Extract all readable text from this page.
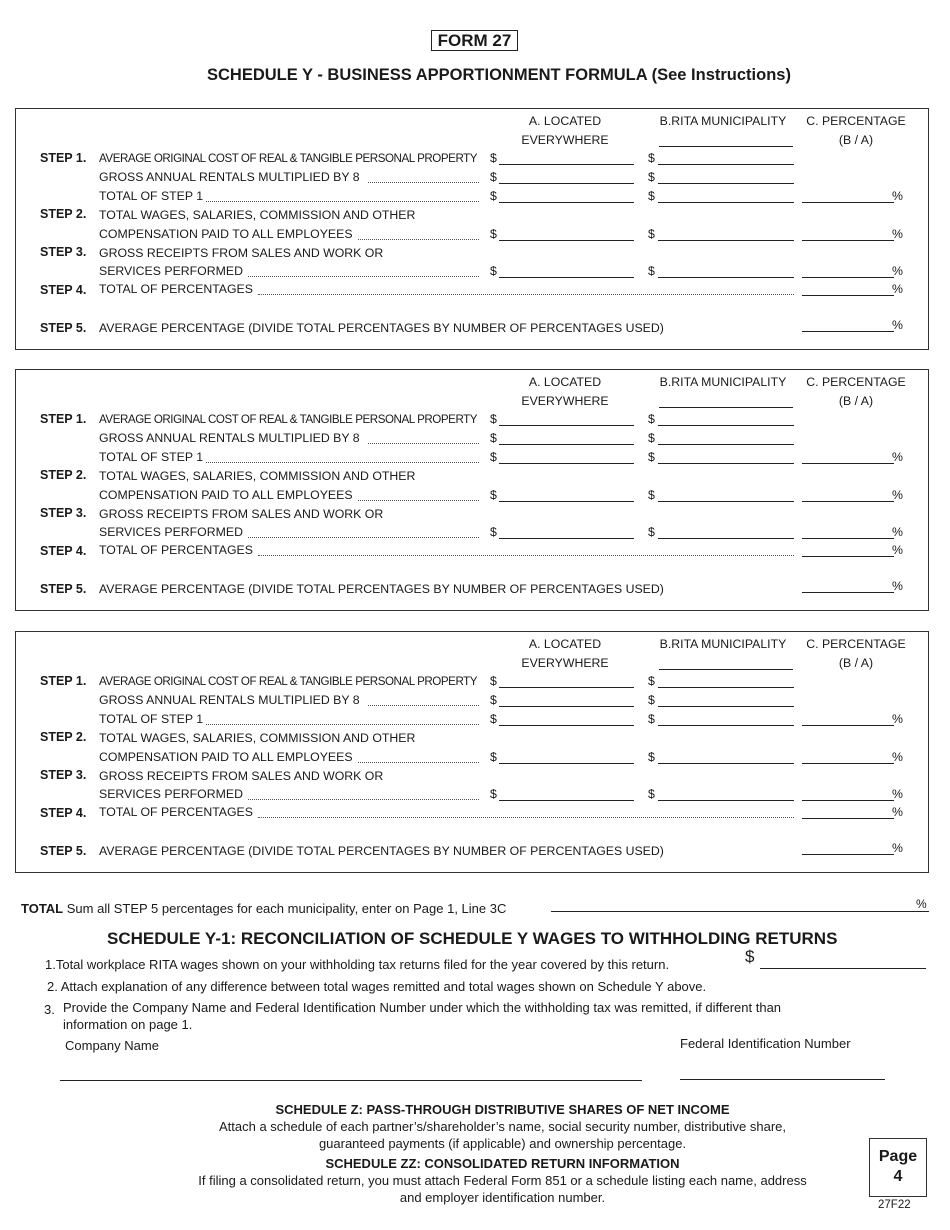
FORM 27
SCHEDULE Y - BUSINESS APPORTIONMENT FORMULA (See Instructions)
A. LOCATED
EVERYWHERE
B.RITA MUNICIPALITY	C. PERCENTAGE
(B / A)
STEP 1. AVERAGE ORIGINAL COST OF REAL & TANGIBLE PERSONAL PROPERTY $	$
GROSS ANNUAL RENTALS MULTIPLIED BY 8	$	$
TOTAL OF STEP 1	$	$	%
STEP 2. TOTAL WAGES, SALARIES, COMMISSION AND OTHER
COMPENSATION PAID TO ALL EMPLOYEES	$	$	%
STEP 3. GROSS RECEIPTS FROM SALES AND WORK OR
SERVICES PERFORMED	$	$	%
STEP 4. TOTAL OF PERCENTAGES	%
STEP 5. AVERAGE PERCENTAGE (DIVIDE TOTAL PERCENTAGES BY NUMBER OF PERCENTAGES USED)	%
A. LOCATED
EVERYWHERE
B.RITA MUNICIPALITY	C. PERCENTAGE
(B / A)
STEP 1. AVERAGE ORIGINAL COST OF REAL & TANGIBLE PERSONAL PROPERTY $	$
GROSS ANNUAL RENTALS MULTIPLIED BY 8	$	$
TOTAL OF STEP 1	$	$	%
STEP 2. TOTAL WAGES, SALARIES, COMMISSION AND OTHER
COMPENSATION PAID TO ALL EMPLOYEES	$	$	%
STEP 3. GROSS RECEIPTS FROM SALES AND WORK OR
SERVICES PERFORMED	$	$	%
STEP 4. TOTAL OF PERCENTAGES	%
STEP 5. AVERAGE PERCENTAGE (DIVIDE TOTAL PERCENTAGES BY NUMBER OF PERCENTAGES USED)	%
A. LOCATED
EVERYWHERE
B.RITA MUNICIPALITY	C. PERCENTAGE
(B / A)
STEP 1. AVERAGE ORIGINAL COST OF REAL & TANGIBLE PERSONAL PROPERTY $	$
GROSS ANNUAL RENTALS MULTIPLIED BY 8	$	$
TOTAL OF STEP 1	$	$	%
STEP 2. TOTAL WAGES, SALARIES, COMMISSION AND OTHER
COMPENSATION PAID TO ALL EMPLOYEES	$	$	%
STEP 3. GROSS RECEIPTS FROM SALES AND WORK OR
SERVICES PERFORMED	$	$	%
STEP 4. TOTAL OF PERCENTAGES	%
STEP 5. AVERAGE PERCENTAGE (DIVIDE TOTAL PERCENTAGES BY NUMBER OF PERCENTAGES USED)	%
TOTAL Sum all STEP 5 percentages for each municipality, enter on Page 1, Line 3C	%
SCHEDULE Y-1: RECONCILIATION OF SCHEDULE Y WAGES TO WITHHOLDING RETURNS
1.Total workplace RITA wages shown on your withholding tax returns filed for the year covered by this return.	$
2. Attach explanation of any difference between total wages remitted and total wages shown on Schedule Y above.
3. Provide the Company Name and Federal Identification Number under which the withholding tax was remitted, if different than
information on page 1.
Company Name	Federal Identification Number
SCHEDULE Z: PASS-THROUGH DISTRIBUTIVE SHARES OF NET INCOME
Attach a schedule of each partner’s/shareholder’s name, social security number, distributive share,
guaranteed payments (if applicable) and ownership percentage.
SCHEDULE ZZ: CONSOLIDATED RETURN INFORMATION
If filing a consolidated return, you must attach Federal Form 851 or a schedule listing each name, address
and employer identification number.
Page
4
27F22
